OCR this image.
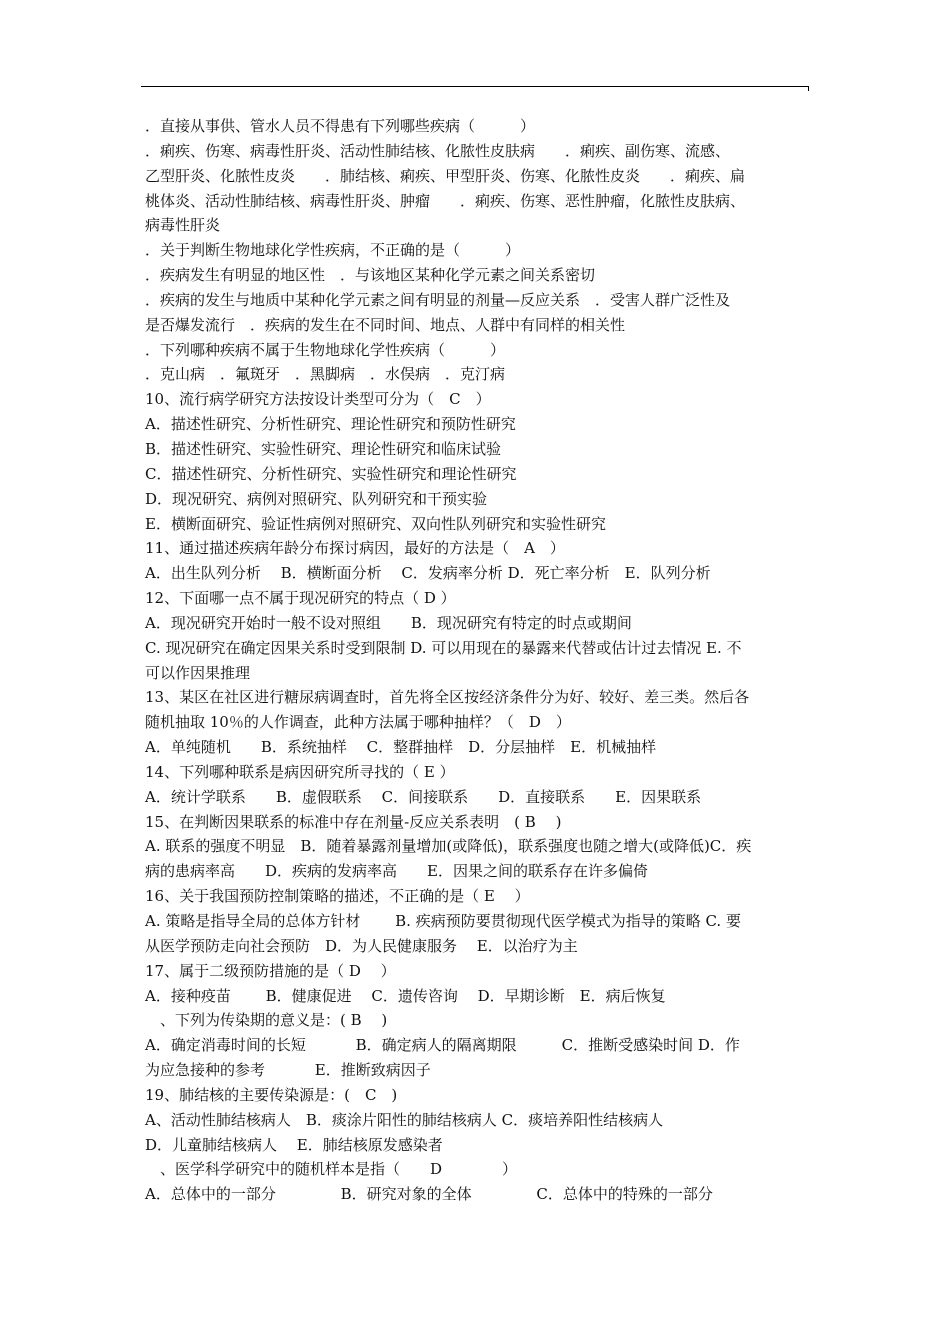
．直接从事供、管水人员不得患有下列哪些疾病（　　　）
．痢疾、伤寒、病毒性肝炎、活动性肺结核、化脓性皮肤病　　．痢疾、副伤寒、流感、
乙型肝炎、化脓性皮炎　　．肺结核、痢疾、甲型肝炎、伤寒、化脓性皮炎　　．痢疾、扁
桃体炎、活动性肺结核、病毒性肝炎、肿瘤　　．痢疾、伤寒、恶性肿瘤，化脓性皮肤病、
病毒性肝炎
．关于判断生物地球化学性疾病，不正确的是（　　　）
．疾病发生有明显的地区性　．与该地区某种化学元素之间关系密切
．疾病的发生与地质中某种化学元素之间有明显的剂量—反应关系　．受害人群广泛性及
是否爆发流行　．疾病的发生在不同时间、地点、人群中有同样的相关性
．下列哪种疾病不属于生物地球化学性疾病（　　　）
．克山病　．氟斑牙　．黑脚病　．水俣病　．克汀病
10、流行病学研究方法按设计类型可分为（　C　）
A．描述性研究、分析性研究、理论性研究和预防性研究
B．描述性研究、实验性研究、理论性研究和临床试验
C．描述性研究、分析性研究、实验性研究和理论性研究
D．现况研究、病例对照研究、队列研究和干预实验
E．横断面研究、验证性病例对照研究、双向性队列研究和实验性研究
11、通过描述疾病年龄分布探讨病因，最好的方法是（　A　）
A．出生队列分析　 B．横断面分析　 C．发病率分析 D．死亡率分析　E．队列分析
12、下面哪一点不属于现况研究的特点（ D ）
A．现况研究开始时一般不设对照组　　B．现况研究有特定的时点或期间
C. 现况研究在确定因果关系时受到限制 D. 可以用现在的暴露来代替或估计过去情况 E. 不
可以作因果推理
13、某区在社区进行糖尿病调查时，首先将全区按经济条件分为好、较好、差三类。然后各
随机抽取 10％的人作调查，此种方法属于哪种抽样？（　D　）
A．单纯随机　　B．系统抽样　 C．整群抽样　D．分层抽样　E．机械抽样
14、下列哪种联系是病因研究所寻找的（ E ）
A．统计学联系　　B．虚假联系　 C．间接联系　　D．直接联系　　E．因果联系
15、在判断因果联系的标准中存在剂量-反应关系表明　( B　 )
A. 联系的强度不明显　B．随着暴露剂量增加(或降低)，联系强度也随之增大(或降低)C．疾
病的患病率高　　D．疾病的发病率高　　E．因果之间的联系存在许多偏倚
16、关于我国预防控制策略的描述，不正确的是（ E　 ）
A. 策略是指导全局的总体方针材　　 B. 疾病预防要贯彻现代医学模式为指导的策略 C. 要
从医学预防走向社会预防　D．为人民健康服务　 E．以治疗为主
17、属于二级预防措施的是（ D　 ）
A．接种疫苗　　 B．健康促进　 C．遗传咨询　 D．早期诊断　E．病后恢复
　、下列为传染期的意义是：( B　 )
A．确定消毒时间的长短　　　 B．确定病人的隔离期限　　　C．推断受感染时间 D．作
为应急接种的参考　　　 E．推断致病因子
19、肺结核的主要传染源是：(　C　)
A、活动性肺结核病人　B．痰涂片阳性的肺结核病人 C．痰培养阳性结核病人
D．儿童肺结核病人　 E．肺结核原发感染者
　、医学科学研究中的随机样本是指（　　D　　　　）
A．总体中的一部分　　　　 B．研究对象的全体　　　　 C．总体中的特殊的一部分
